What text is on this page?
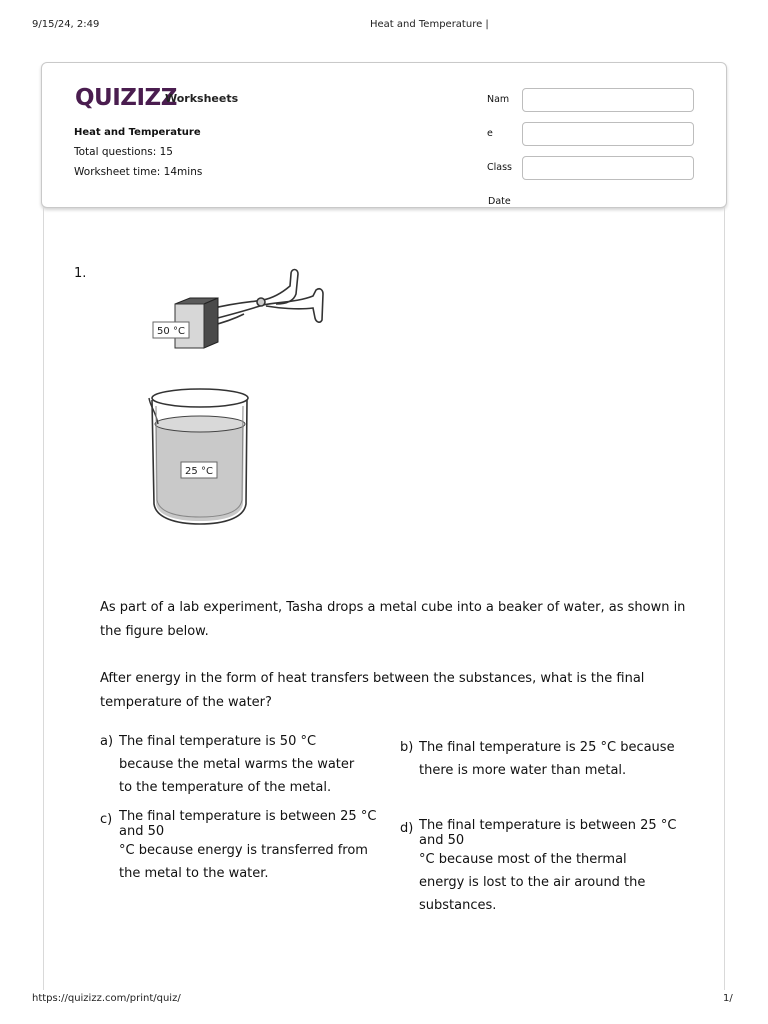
9/15/24, 2:49	Heat and Temperature |
QUIZIZZ
Worksheets
Heat and Temperature
Total questions: 15
Worksheet time: 14mins
Nam
e
Class
Date
1.
50 °C
25 °C
As part of a lab experiment, Tasha drops a metal cube into a beaker of water, as shown in
the figure below.
After energy in the form of heat transfers between the substances, what is the final
temperature of the water?
a) The final temperature is 50 °C
because the metal warms the water
to the temperature of the metal.
b) The final temperature is 25 °C because
there is more water than metal.
c) The final temperature is between 25 °C
and 50
°C because energy is transferred from
the metal to the water.
d) The final temperature is between 25 °C
and 50
°C because most of the thermal
energy is lost to the air around the
substances.
https://quizizz.com/print/quiz/	1/
